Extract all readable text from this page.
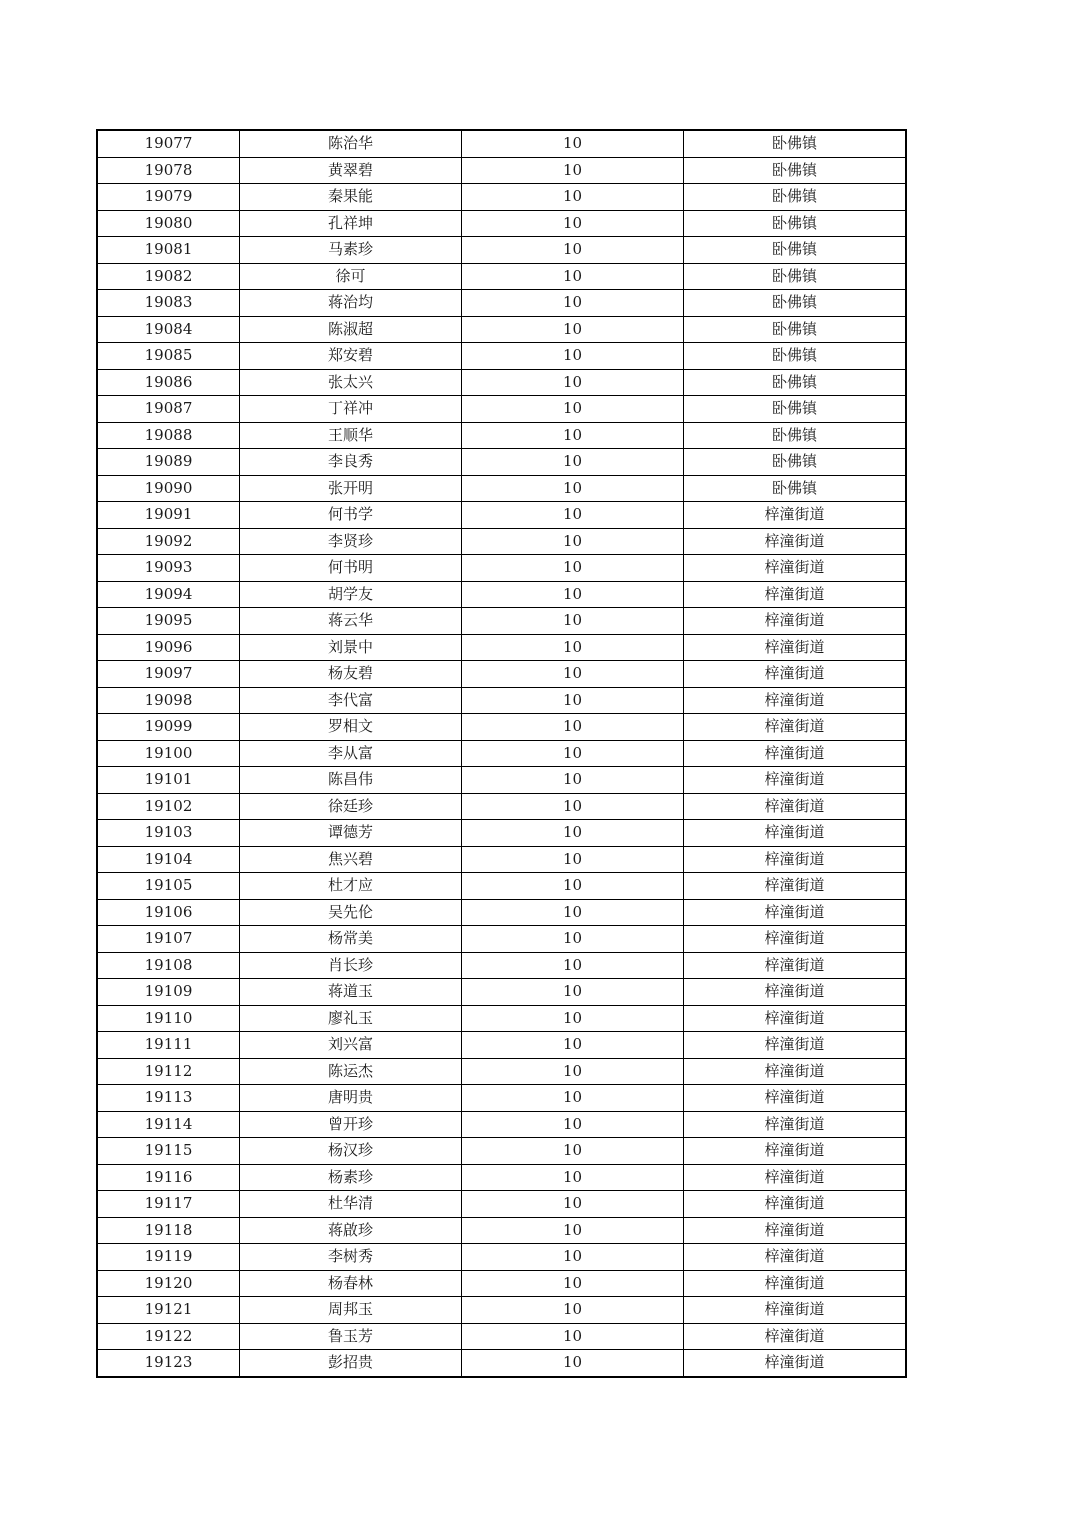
19077	陈治华	10	卧佛镇
19078	黄翠碧	10	卧佛镇
19079	秦果能	10	卧佛镇
19080	孔祥坤	10	卧佛镇
19081	马素珍	10	卧佛镇
19082	徐可	10	卧佛镇
19083	蒋治均	10	卧佛镇
19084	陈淑超	10	卧佛镇
19085	郑安碧	10	卧佛镇
19086	张太兴	10	卧佛镇
19087	丁祥冲	10	卧佛镇
19088	王顺华	10	卧佛镇
19089	李良秀	10	卧佛镇
19090	张开明	10	卧佛镇
19091	何书学	10	梓潼街道
19092	李贤珍	10	梓潼街道
19093	何书明	10	梓潼街道
19094	胡学友	10	梓潼街道
19095	蒋云华	10	梓潼街道
19096	刘景中	10	梓潼街道
19097	杨友碧	10	梓潼街道
19098	李代富	10	梓潼街道
19099	罗相文	10	梓潼街道
19100	李从富	10	梓潼街道
19101	陈昌伟	10	梓潼街道
19102	徐廷珍	10	梓潼街道
19103	谭德芳	10	梓潼街道
19104	焦兴碧	10	梓潼街道
19105	杜才应	10	梓潼街道
19106	吴先伦	10	梓潼街道
19107	杨常美	10	梓潼街道
19108	肖长珍	10	梓潼街道
19109	蒋道玉	10	梓潼街道
19110	廖礼玉	10	梓潼街道
19111	刘兴富	10	梓潼街道
19112	陈运杰	10	梓潼街道
19113	唐明贵	10	梓潼街道
19114	曾开珍	10	梓潼街道
19115	杨汉珍	10	梓潼街道
19116	杨素珍	10	梓潼街道
19117	杜华清	10	梓潼街道
19118	蒋啟珍	10	梓潼街道
19119	李树秀	10	梓潼街道
19120	杨春林	10	梓潼街道
19121	周邦玉	10	梓潼街道
19122	鲁玉芳	10	梓潼街道
19123	彭招贵	10	梓潼街道
